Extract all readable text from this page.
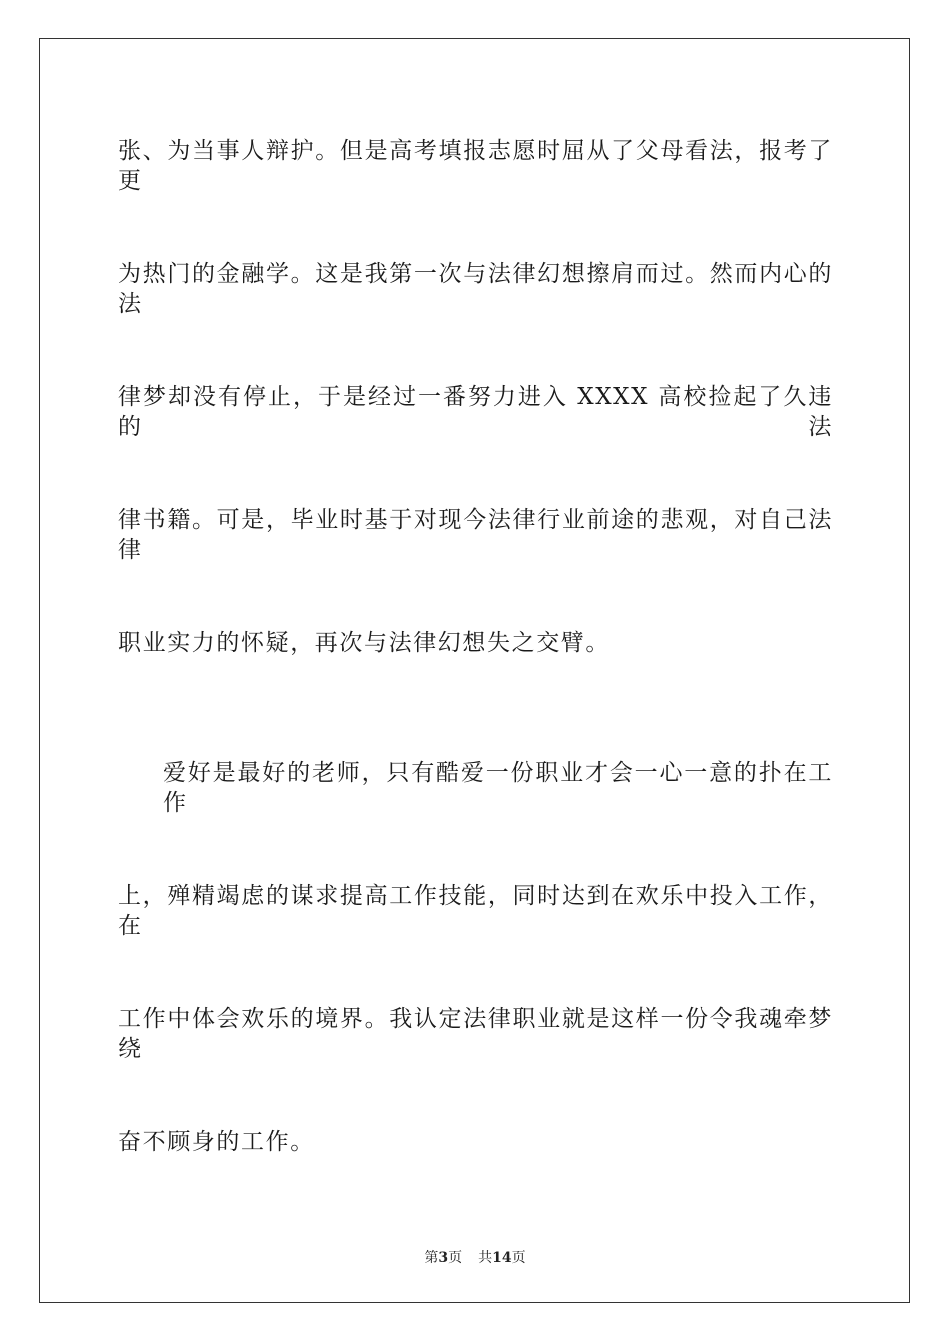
张、为当事人辩护。但是高考填报志愿时屈从了父母看法，报考了更
为热门的金融学。这是我第一次与法律幻想擦肩而过。然而内心的法
律梦却没有停止，于是经过一番努力进入 XXXX 高校捡起了久违的法
律书籍。可是，毕业时基于对现今法律行业前途的悲观，对自己法律
职业实力的怀疑，再次与法律幻想失之交臂。
爱好是最好的老师，只有酷爱一份职业才会一心一意的扑在工作
上，殚精竭虑的谋求提高工作技能，同时达到在欢乐中投入工作，在
工作中体会欢乐的境界。我认定法律职业就是这样一份令我魂牵梦绕
奋不顾身的工作。
第3页 共14页
